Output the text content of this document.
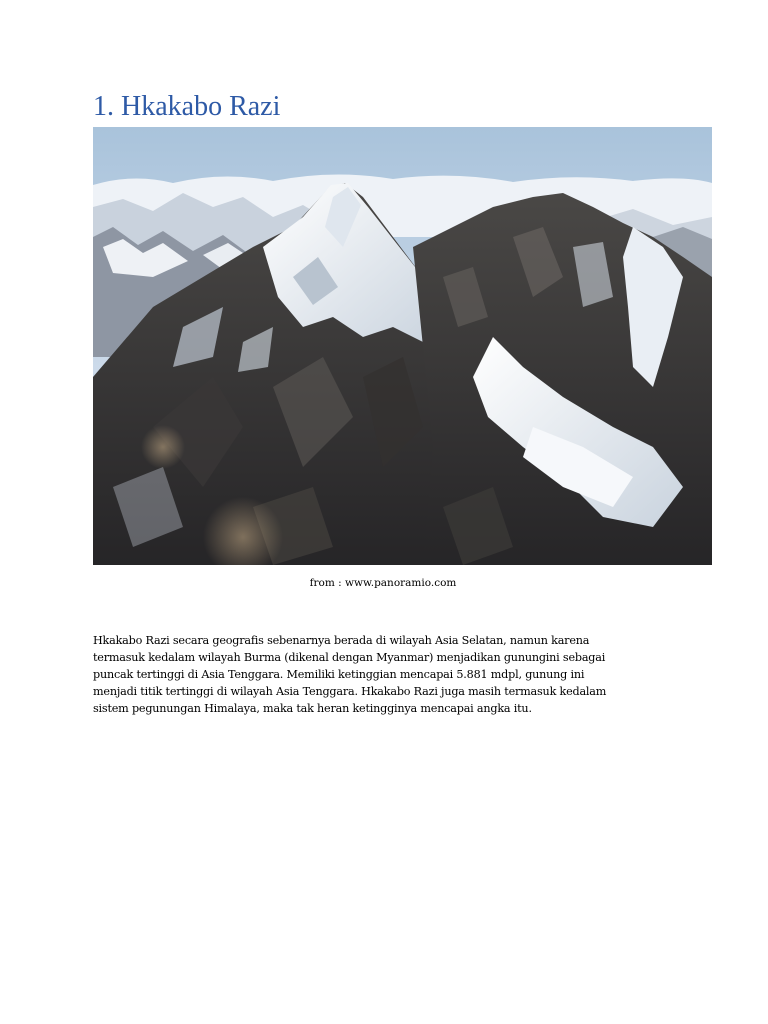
1. Hkakabo Razi

from : www.panoramio.com

Hkakabo Razi secara geografis sebenarnya berada di wilayah Asia Selatan, namun karena
termasuk kedalam wilayah Burma (dikenal dengan Myanmar) menjadikan gunungini sebagai
puncak tertinggi di Asia Tenggara. Memiliki ketinggian mencapai 5.881 mdpl, gunung ini
menjadi titik tertinggi di wilayah Asia Tenggara. Hkakabo Razi juga masih termasuk kedalam
sistem pegunungan Himalaya, maka tak heran ketingginya mencapai angka itu.
